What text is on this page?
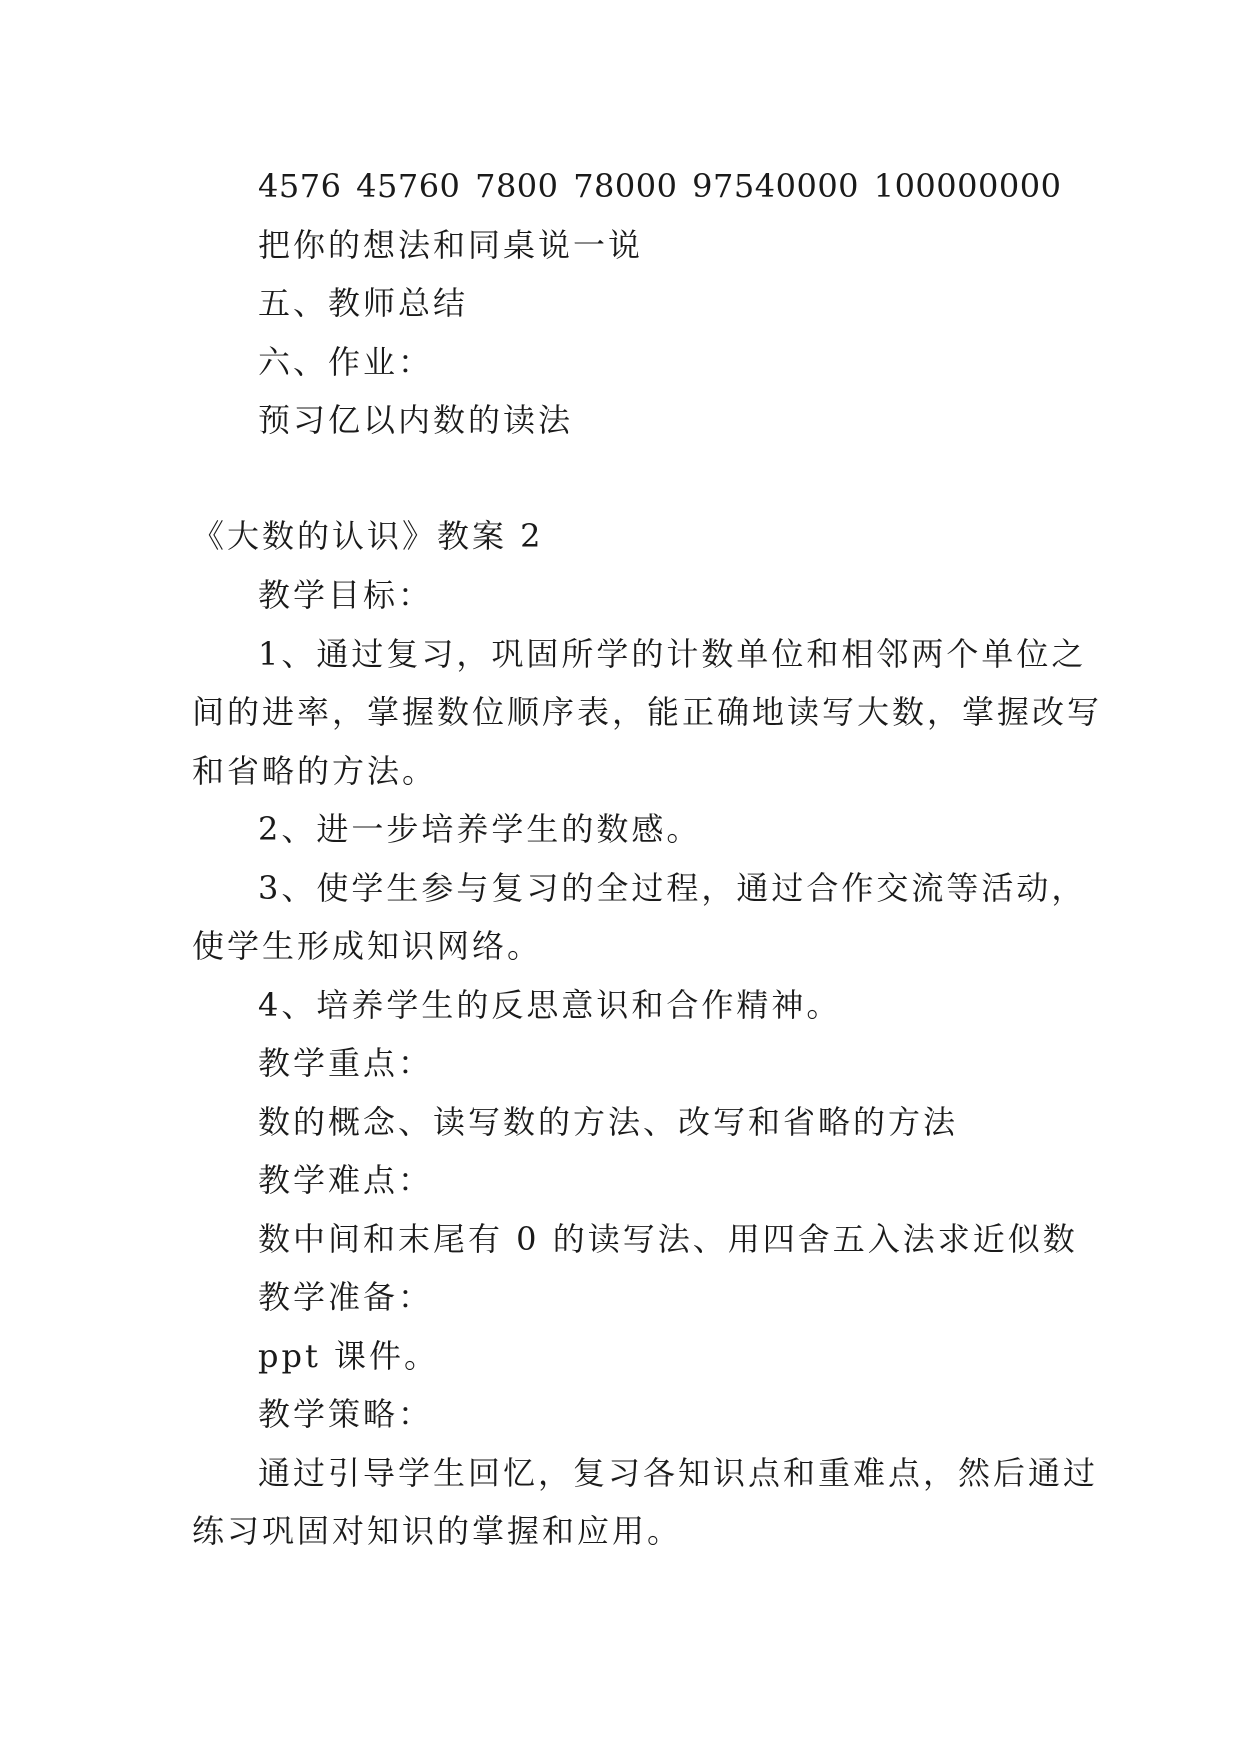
4576 45760 7800 78000 97540000 100000000
把你的想法和同桌说一说
五、教师总结
六、作业：
预习亿以内数的读法
《大数的认识》教案 2
教学目标：
1、通过复习，巩固所学的计数单位和相邻两个单位之
间的进率，掌握数位顺序表，能正确地读写大数，掌握改写
和省略的方法。
2、进一步培养学生的数感。
3、使学生参与复习的全过程，通过合作交流等活动，
使学生形成知识网络。
4、培养学生的反思意识和合作精神。
教学重点：
数的概念、读写数的方法、改写和省略的方法
教学难点：
数中间和末尾有 0 的读写法、用四舍五入法求近似数
教学准备：
ppt 课件。
教学策略：
通过引导学生回忆，复习各知识点和重难点，然后通过
练习巩固对知识的掌握和应用。
